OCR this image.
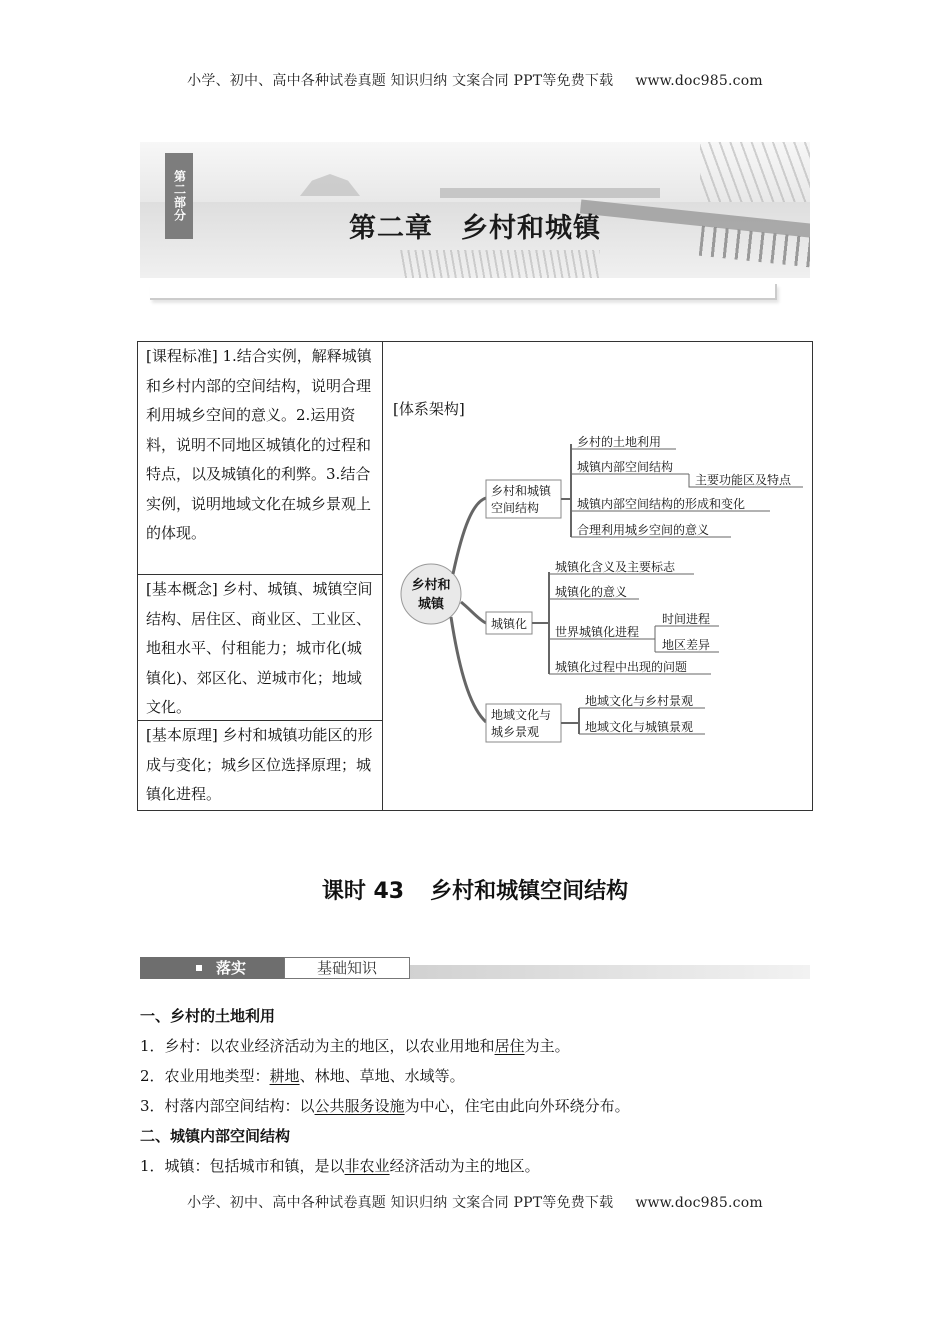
小学、初中、高中各种试卷真题 知识归纳 文案合同 PPT等免费下载 www.doc985.com
第二部分
第二章 乡村和城镇
[课程标准] 1.结合实例，解释城镇和乡村内部的空间结构，说明合理利用城乡空间的意义。2.运用资料，说明不同地区城镇化的过程和特点，以及城镇化的利弊。3.结合实例，说明地域文化在城乡景观上的体现。
[基本概念] 乡村、城镇、城镇空间结构、居住区、商业区、工业区、地租水平、付租能力；城市化(城镇化)、郊区化、逆城市化；地域文化。
[基本原理] 乡村和城镇功能区的形成与变化；城乡区位选择原理；城镇化进程。
[体系架构]
乡村和
城镇
乡村和城镇
空间结构
乡村的土地利用
城镇内部空间结构
主要功能区及特点
城镇内部空间结构的形成和变化
合理利用城乡空间的意义
城镇化
城镇化含义及主要标志
城镇化的意义
世界城镇化进程
时间进程
地区差异
城镇化过程中出现的问题
地域文化与
城乡景观
地域文化与乡村景观
地域文化与城镇景观
课时 43 乡村和城镇空间结构
落实	基础知识
一、乡村的土地利用
1．乡村：以农业经济活动为主的地区，以农业用地和居住为主。
2．农业用地类型：耕地、林地、草地、水域等。
3．村落内部空间结构：以公共服务设施为中心，住宅由此向外环绕分布。
二、城镇内部空间结构
1．城镇：包括城市和镇，是以非农业经济活动为主的地区。
小学、初中、高中各种试卷真题 知识归纳 文案合同 PPT等免费下载 www.doc985.com
